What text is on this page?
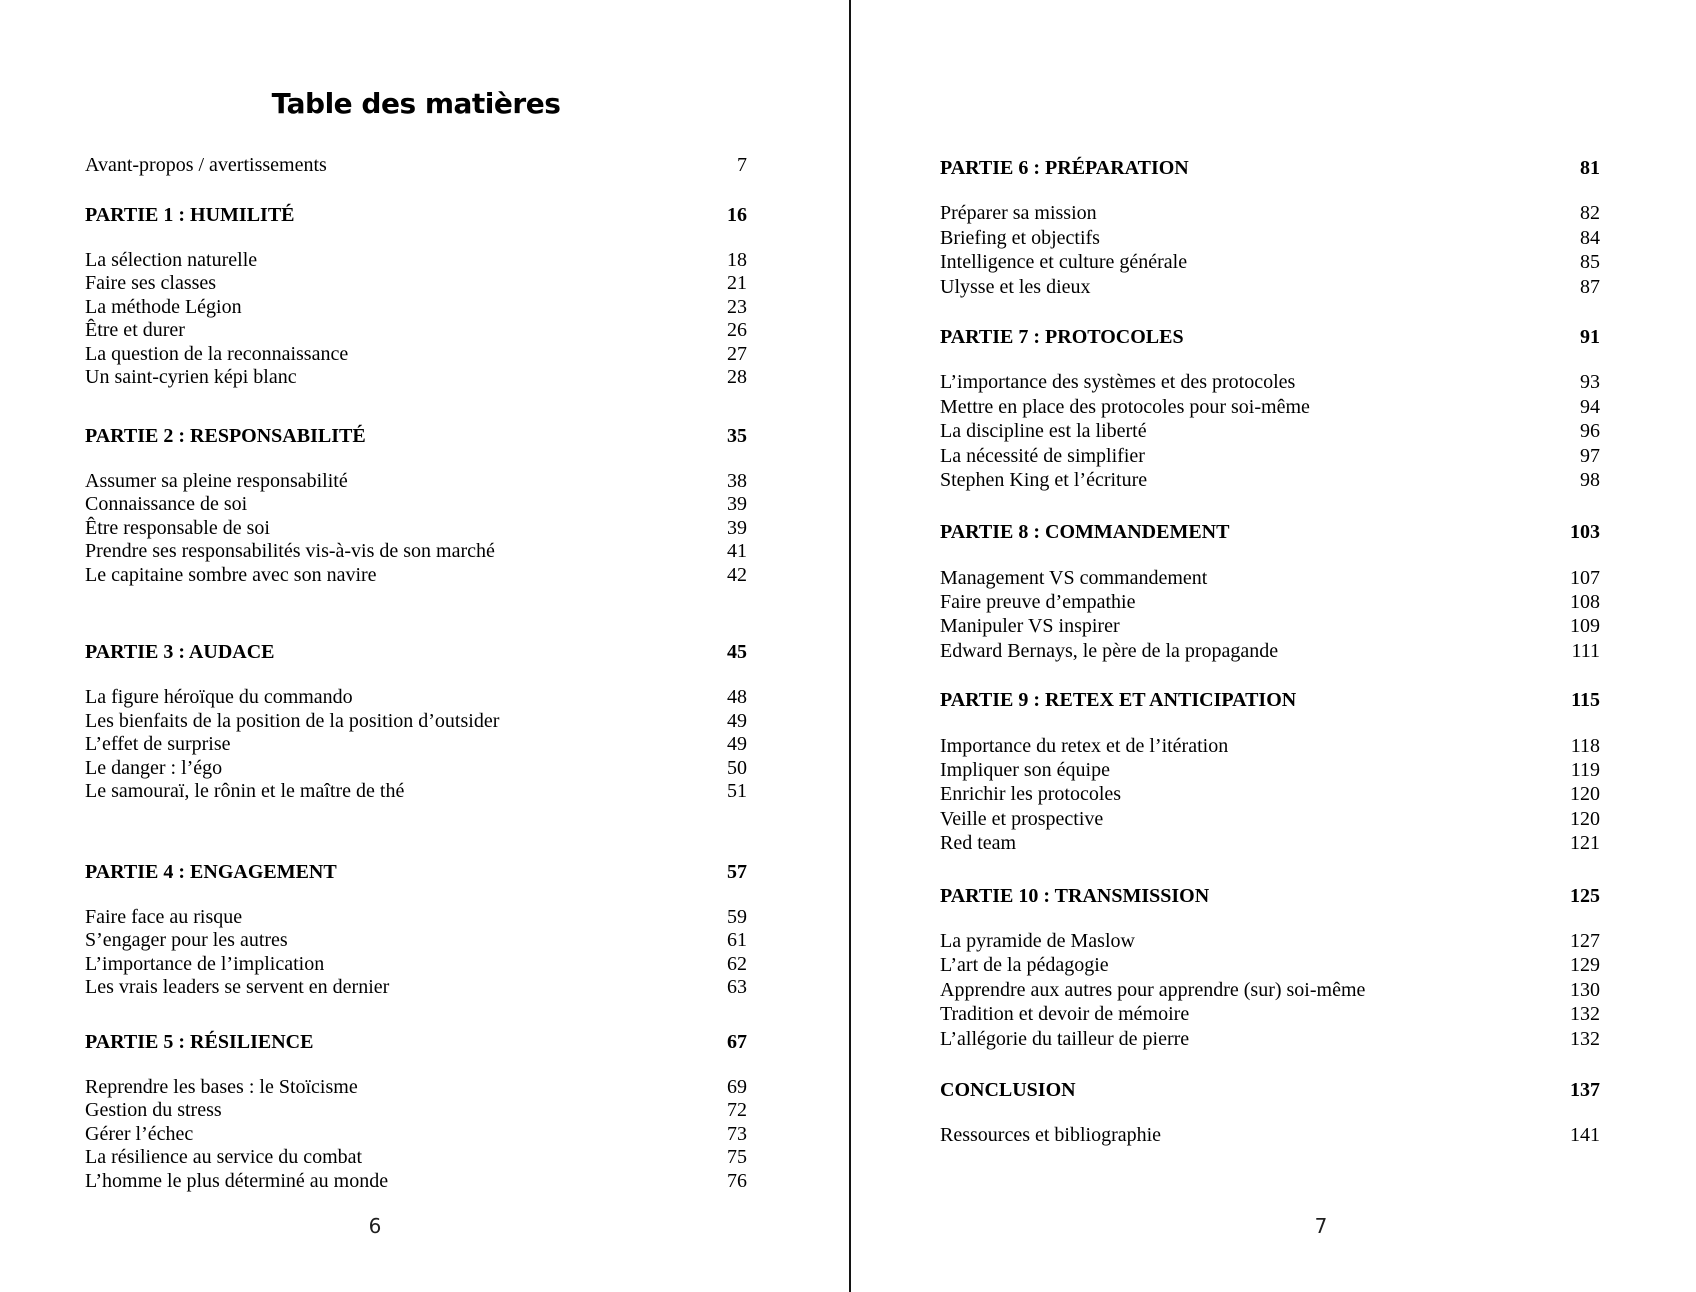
Table des matières
Avant-propos / avertissements	7
PARTIE 1 : HUMILITÉ	16
La sélection naturelle	18
Faire ses classes	21
La méthode Légion	23
Être et durer	26
La question de la reconnaissance	27
Un saint-cyrien képi blanc	28
PARTIE 2 : RESPONSABILITÉ	35
Assumer sa pleine responsabilité	38
Connaissance de soi	39
Être responsable de soi	39
Prendre ses responsabilités vis-à-vis de son marché	41
Le capitaine sombre avec son navire	42
PARTIE 3 : AUDACE	45
La figure héroïque du commando	48
Les bienfaits de la position de la position d’outsider	49
L’effet de surprise	49
Le danger : l’égo	50
Le samouraï, le rônin et le maître de thé	51
PARTIE 4 : ENGAGEMENT	57
Faire face au risque	59
S’engager pour les autres	61
L’importance de l’implication	62
Les vrais leaders se servent en dernier	63
PARTIE 5 : RÉSILIENCE	67
Reprendre les bases : le Stoïcisme	69
Gestion du stress	72
Gérer l’échec	73
La résilience au service du combat	75
L’homme le plus déterminé au monde	76
6
PARTIE 6 : PRÉPARATION	81
Préparer sa mission	82
Briefing et objectifs	84
Intelligence et culture générale	85
Ulysse et les dieux	87
PARTIE 7 : PROTOCOLES	91
L’importance des systèmes et des protocoles	93
Mettre en place des protocoles pour soi-même	94
La discipline est la liberté	96
La nécessité de simplifier	97
Stephen King et l’écriture	98
PARTIE 8 : COMMANDEMENT	103
Management VS commandement	107
Faire preuve d’empathie	108
Manipuler VS inspirer	109
Edward Bernays, le père de la propagande	111
PARTIE 9 : RETEX ET ANTICIPATION	115
Importance du retex et de l’itération	118
Impliquer son équipe	119
Enrichir les protocoles	120
Veille et prospective	120
Red team	121
PARTIE 10 : TRANSMISSION	125
La pyramide de Maslow	127
L’art de la pédagogie	129
Apprendre aux autres pour apprendre (sur) soi-même	130
Tradition et devoir de mémoire	132
L’allégorie du tailleur de pierre	132
CONCLUSION	137
Ressources et bibliographie	141
7
